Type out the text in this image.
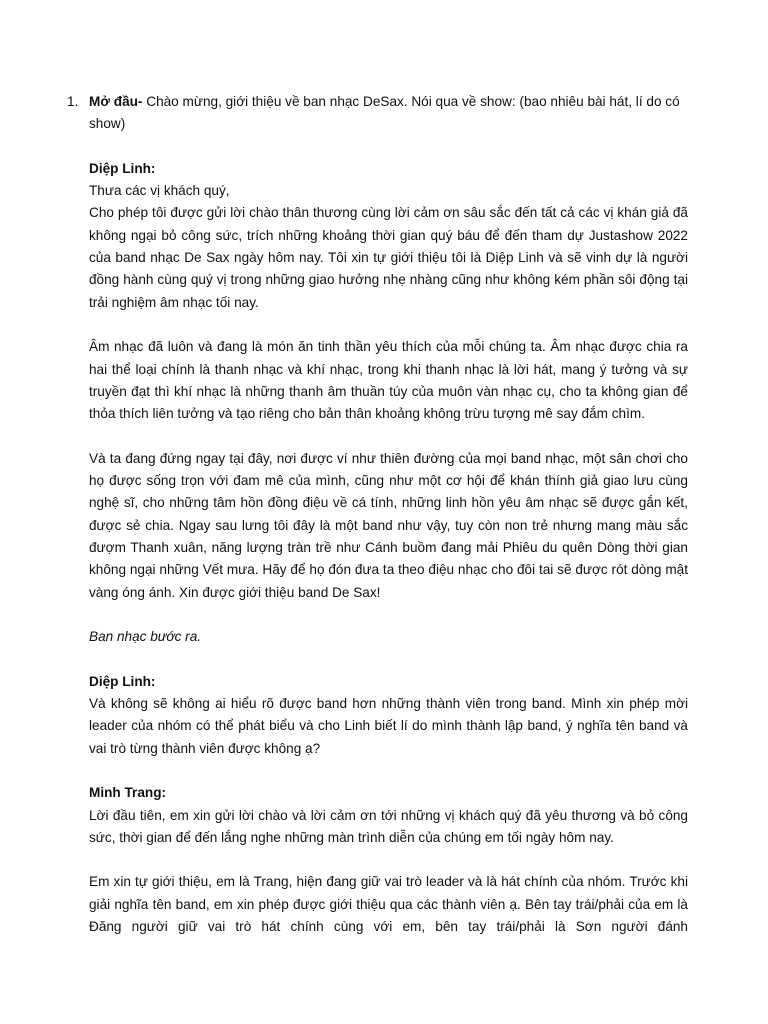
1. Mở đầu- Chào mừng, giới thiệu về ban nhạc DeSax. Nói qua về show: (bao nhiêu bài hát, lí do có show)

Diệp Linh:

Thưa các vị khách quý,

Cho phép tôi được gửi lời chào thân thương cùng lời cảm ơn sâu sắc đến tất cả các vị khán giả đã không ngại bỏ công sức, trích những khoảng thời gian quý báu để đến tham dự Justashow 2022 của band nhạc De Sax ngày hôm nay. Tôi xin tự giới thiệu tôi là Diệp Linh và sẽ vinh dự là người đồng hành cùng quý vị trong những giao hưởng nhẹ nhàng cũng như không kém phần sôi động tại trải nghiệm âm nhạc tối nay.

Âm nhạc đã luôn và đang là món ăn tinh thần yêu thích của mỗi chúng ta. Âm nhạc được chia ra hai thể loại chính là thanh nhạc và khí nhạc, trong khi thanh nhạc là lời hát, mang ý tưởng và sự truyền đạt thì khí nhạc là những thanh âm thuần túy của muôn vàn nhạc cụ, cho ta không gian để thỏa thích liên tưởng và tạo riêng cho bản thân khoảng không trừu tượng mê say đắm chìm.

Và ta đang đứng ngay tại đây, nơi được ví như thiên đường của mọi band nhạc, một sân chơi cho họ được sống trọn với đam mê của mình, cũng như một cơ hội để khán thính giả giao lưu cùng nghệ sĩ, cho những tâm hồn đồng điệu về cá tính, những linh hồn yêu âm nhạc sẽ được gắn kết, được sẻ chia. Ngay sau lưng tôi đây là một band như vậy, tuy còn non trẻ nhưng mang màu sắc đượm Thanh xuân, năng lượng tràn trề như Cánh buồm đang mải Phiêu du quên Dòng thời gian không ngại những Vết mưa. Hãy để họ đón đưa ta theo điệu nhạc cho đôi tai sẽ được rót dòng mật vàng óng ánh. Xin được giới thiệu band De Sax!

Ban nhạc bước ra.

Diệp Linh:

Và không sẽ không ai hiểu rõ được band hơn những thành viên trong band. Mình xin phép mời leader của nhóm có thể phát biểu và cho Linh biết lí do mình thành lập band, ý nghĩa tên band và vai trò từng thành viên được không ạ?

Minh Trang:

Lời đầu tiên, em xin gửi lời chào và lời cảm ơn tới những vị khách quý đã yêu thương và bỏ công sức, thời gian để đến lắng nghe những màn trình diễn của chúng em tối ngày hôm nay.

Em xin tự giới thiệu, em là Trang, hiện đang giữ vai trò leader và là hát chính của nhóm. Trước khi giải nghĩa tên band, em xin phép được giới thiệu qua các thành viên ạ. Bên tay trái/phải của em là Đăng người giữ vai trò hát chính cùng với em, bên tay trái/phải là Sơn người đánh
